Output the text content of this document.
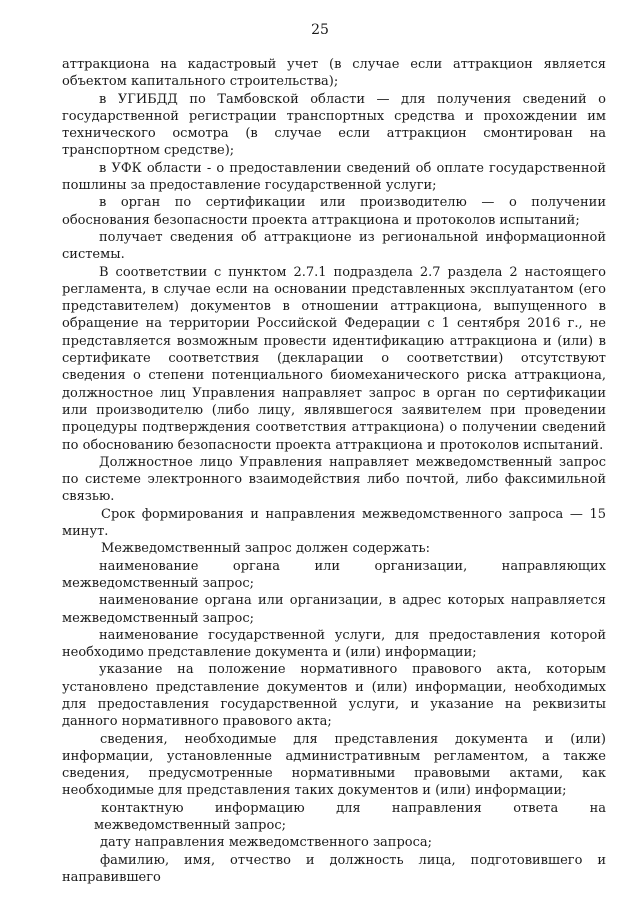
25

аттракциона на кадастровый учет (в случае если аттракцион является объектом капитального строительства);

в УГИБДД по Тамбовской области — для получения сведений о государственной регистрации транспортных средства и прохождении им технического осмотра (в случае если аттракцион смонтирован на транспортном средстве);

в УФК области - о предоставлении сведений об оплате государственной пошлины за предоставление государственной услуги;

в орган по сертификации или производителю — о получении обоснования безопасности проекта аттракциона и протоколов испытаний;

получает сведения об аттракционе из региональной информационной системы.

В соответствии с пунктом 2.7.1 подраздела 2.7 раздела 2 настоящего регламента, в случае если на основании представленных эксплуатантом (его представителем) документов в отношении аттракциона, выпущенного в обращение на территории Российской Федерации с 1 сентября 2016 г., не представляется возможным провести идентификацию аттракциона и (или) в сертификате соответствия (декларации о соответствии) отсутствуют сведения о степени потенциального биомеханического риска аттракциона, должностное лиц Управления направляет запрос в орган по сертификации или производителю (либо лицу, являвшегося заявителем при проведении процедуры подтверждения соответствия аттракциона) о получении сведений по обоснованию безопасности проекта аттракциона и протоколов испытаний.

Должностное лицо Управления направляет межведомственный запрос по системе электронного взаимодействия либо почтой, либо факсимильной связью.

Срок формирования и направления межведомственного запроса — 15 минут.

Межведомственный запрос должен содержать:

наименование органа или организации, направляющих межведомственный запрос;

наименование органа или организации, в адрес которых направляется межведомственный запрос;

наименование государственной услуги, для предоставления которой необходимо представление документа и (или) информации;

указание на положение нормативного правового акта, которым установлено представление документов и (или) информации, необходимых для предоставления государственной услуги, и указание на реквизиты данного нормативного правового акта;

сведения, необходимые для представления документа и (или) информации, установленные административным регламентом, а также сведения, предусмотренные нормативными правовыми актами, как необходимые для представления таких документов и (или) информации;

контактную информацию для направления ответа на межведомственный запрос;

дату направления межведомственного запроса;

фамилию, имя, отчество и должность лица, подготовившего и направившего
